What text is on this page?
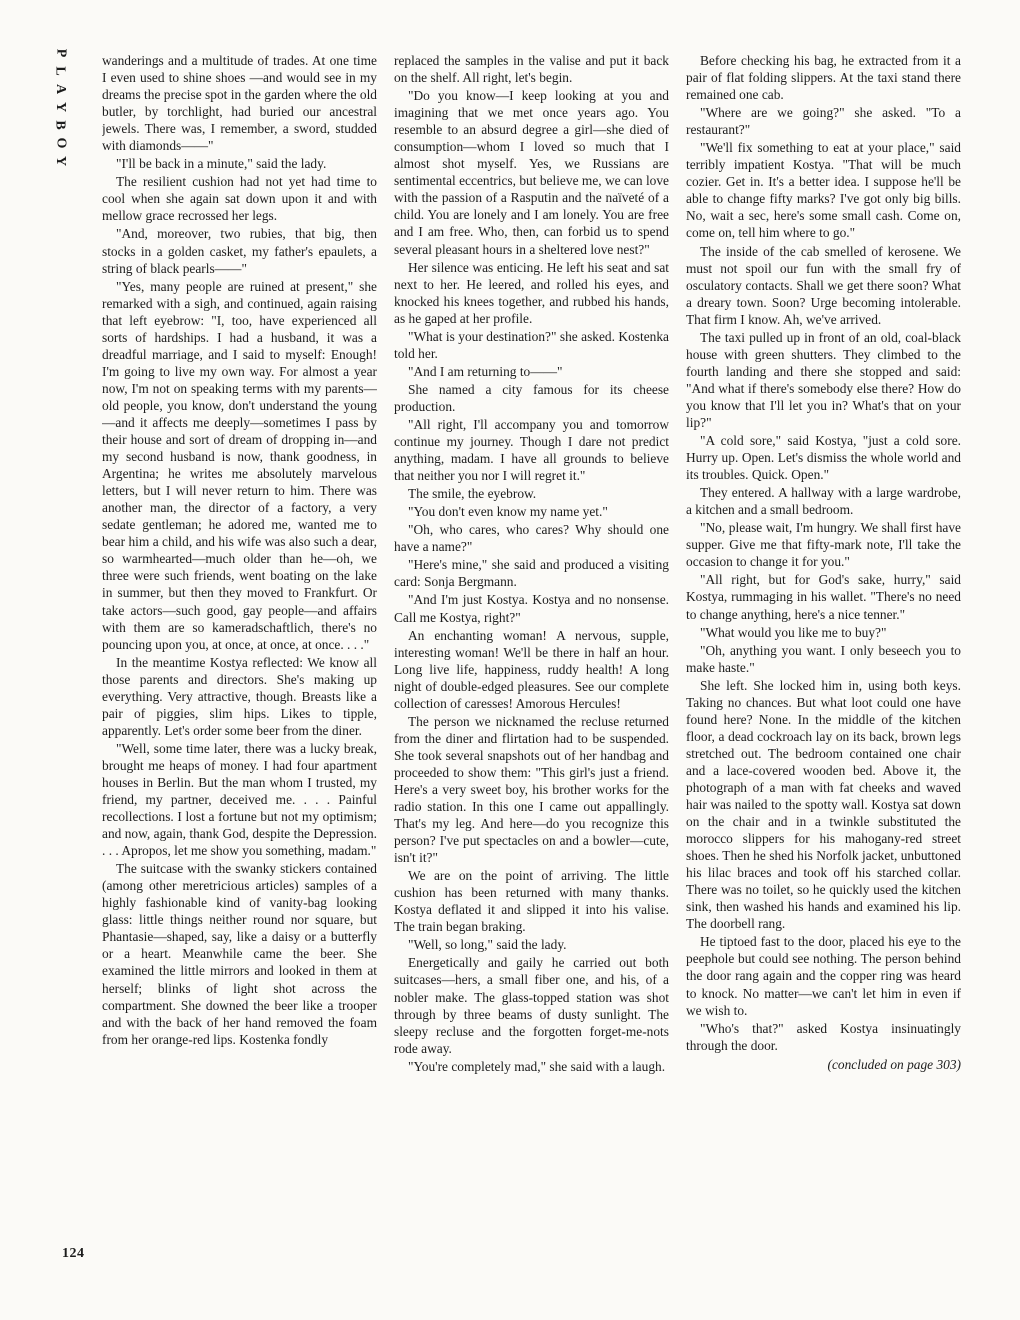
P
L
A
Y
B
O
Y
124

wanderings and a multitude of trades. At one time I even used to shine shoes —and would see in my dreams the precise spot in the garden where the old butler, by torchlight, had buried our ancestral jewels. There was, I remember, a sword, studded with diamonds——"

"I'll be back in a minute," said the lady.

The resilient cushion had not yet had time to cool when she again sat down upon it and with mellow grace recrossed her legs.

"And, moreover, two rubies, that big, then stocks in a golden casket, my father's epaulets, a string of black pearls——"

"Yes, many people are ruined at present," she remarked with a sigh, and continued, again raising that left eyebrow: "I, too, have experienced all sorts of hardships. I had a husband, it was a dreadful marriage, and I said to myself: Enough! I'm going to live my own way. For almost a year now, I'm not on speaking terms with my parents—old people, you know, don't understand the young—and it affects me deeply—sometimes I pass by their house and sort of dream of dropping in—and my second husband is now, thank goodness, in Argentina; he writes me absolutely marvelous letters, but I will never return to him. There was another man, the director of a factory, a very sedate gentleman; he adored me, wanted me to bear him a child, and his wife was also such a dear, so warmhearted—much older than he—oh, we three were such friends, went boating on the lake in summer, but then they moved to Frankfurt. Or take actors—such good, gay people—and affairs with them are so kameradschaftlich, there's no pouncing upon you, at once, at once, at once. . . ."

In the meantime Kostya reflected: We know all those parents and directors. She's making up everything. Very attractive, though. Breasts like a pair of piggies, slim hips. Likes to tipple, apparently. Let's order some beer from the diner.

"Well, some time later, there was a lucky break, brought me heaps of money. I had four apartment houses in Berlin. But the man whom I trusted, my friend, my partner, deceived me. . . . Painful recollections. I lost a fortune but not my optimism; and now, again, thank God, despite the Depression. . . . Apropos, let me show you something, madam."

The suitcase with the swanky stickers contained (among other meretricious articles) samples of a highly fashionable kind of vanity-bag looking glass: little things neither round nor square, but Phantasie—shaped, say, like a daisy or a butterfly or a heart. Meanwhile came the beer. She examined the little mirrors and looked in them at herself; blinks of light shot across the compartment. She downed the beer like a trooper and with the back of her hand removed the foam from her orange-red lips. Kostenka fondly

replaced the samples in the valise and put it back on the shelf. All right, let's begin.

"Do you know—I keep looking at you and imagining that we met once years ago. You resemble to an absurd degree a girl—she died of consumption—whom I loved so much that I almost shot myself. Yes, we Russians are sentimental eccentrics, but believe me, we can love with the passion of a Rasputin and the naïveté of a child. You are lonely and I am lonely. You are free and I am free. Who, then, can forbid us to spend several pleasant hours in a sheltered love nest?"

Her silence was enticing. He left his seat and sat next to her. He leered, and rolled his eyes, and knocked his knees together, and rubbed his hands, as he gaped at her profile.

"What is your destination?" she asked. Kostenka told her.

"And I am returning to——"

She named a city famous for its cheese production.

"All right, I'll accompany you and tomorrow continue my journey. Though I dare not predict anything, madam. I have all grounds to believe that neither you nor I will regret it."

The smile, the eyebrow.

"You don't even know my name yet."

"Oh, who cares, who cares? Why should one have a name?"

"Here's mine," she said and produced a visiting card: Sonja Bergmann.

"And I'm just Kostya. Kostya and no nonsense. Call me Kostya, right?"

An enchanting woman! A nervous, supple, interesting woman! We'll be there in half an hour. Long live life, happiness, ruddy health! A long night of double-edged pleasures. See our complete collection of caresses! Amorous Hercules!

The person we nicknamed the recluse returned from the diner and flirtation had to be suspended. She took several snapshots out of her handbag and proceeded to show them: "This girl's just a friend. Here's a very sweet boy, his brother works for the radio station. In this one I came out appallingly. That's my leg. And here—do you recognize this person? I've put spectacles on and a bowler—cute, isn't it?"

We are on the point of arriving. The little cushion has been returned with many thanks. Kostya deflated it and slipped it into his valise. The train began braking.

"Well, so long," said the lady.

Energetically and gaily he carried out both suitcases—hers, a small fiber one, and his, of a nobler make. The glass-topped station was shot through by three beams of dusty sunlight. The sleepy recluse and the forgotten forget-me-nots rode away.

"You're completely mad," she said with a laugh.

Before checking his bag, he extracted from it a pair of flat folding slippers. At the taxi stand there remained one cab.

"Where are we going?" she asked. "To a restaurant?"

"We'll fix something to eat at your place," said terribly impatient Kostya. "That will be much cozier. Get in. It's a better idea. I suppose he'll be able to change fifty marks? I've got only big bills. No, wait a sec, here's some small cash. Come on, come on, tell him where to go."

The inside of the cab smelled of kerosene. We must not spoil our fun with the small fry of osculatory contacts. Shall we get there soon? What a dreary town. Soon? Urge becoming intolerable. That firm I know. Ah, we've arrived.

The taxi pulled up in front of an old, coal-black house with green shutters. They climbed to the fourth landing and there she stopped and said: "And what if there's somebody else there? How do you know that I'll let you in? What's that on your lip?"

"A cold sore," said Kostya, "just a cold sore. Hurry up. Open. Let's dismiss the whole world and its troubles. Quick. Open."

They entered. A hallway with a large wardrobe, a kitchen and a small bedroom.

"No, please wait, I'm hungry. We shall first have supper. Give me that fifty-mark note, I'll take the occasion to change it for you."

"All right, but for God's sake, hurry," said Kostya, rummaging in his wallet. "There's no need to change anything, here's a nice tenner."

"What would you like me to buy?"

"Oh, anything you want. I only beseech you to make haste."

She left. She locked him in, using both keys. Taking no chances. But what loot could one have found here? None. In the middle of the kitchen floor, a dead cockroach lay on its back, brown legs stretched out. The bedroom contained one chair and a lace-covered wooden bed. Above it, the photograph of a man with fat cheeks and waved hair was nailed to the spotty wall. Kostya sat down on the chair and in a twinkle substituted the morocco slippers for his mahogany-red street shoes. Then he shed his Norfolk jacket, unbuttoned his lilac braces and took off his starched collar. There was no toilet, so he quickly used the kitchen sink, then washed his hands and examined his lip. The doorbell rang.

He tiptoed fast to the door, placed his eye to the peephole but could see nothing. The person behind the door rang again and the copper ring was heard to knock. No matter—we can't let him in even if we wish to.

"Who's that?" asked Kostya insinuatingly through the door.

(concluded on page 303)
